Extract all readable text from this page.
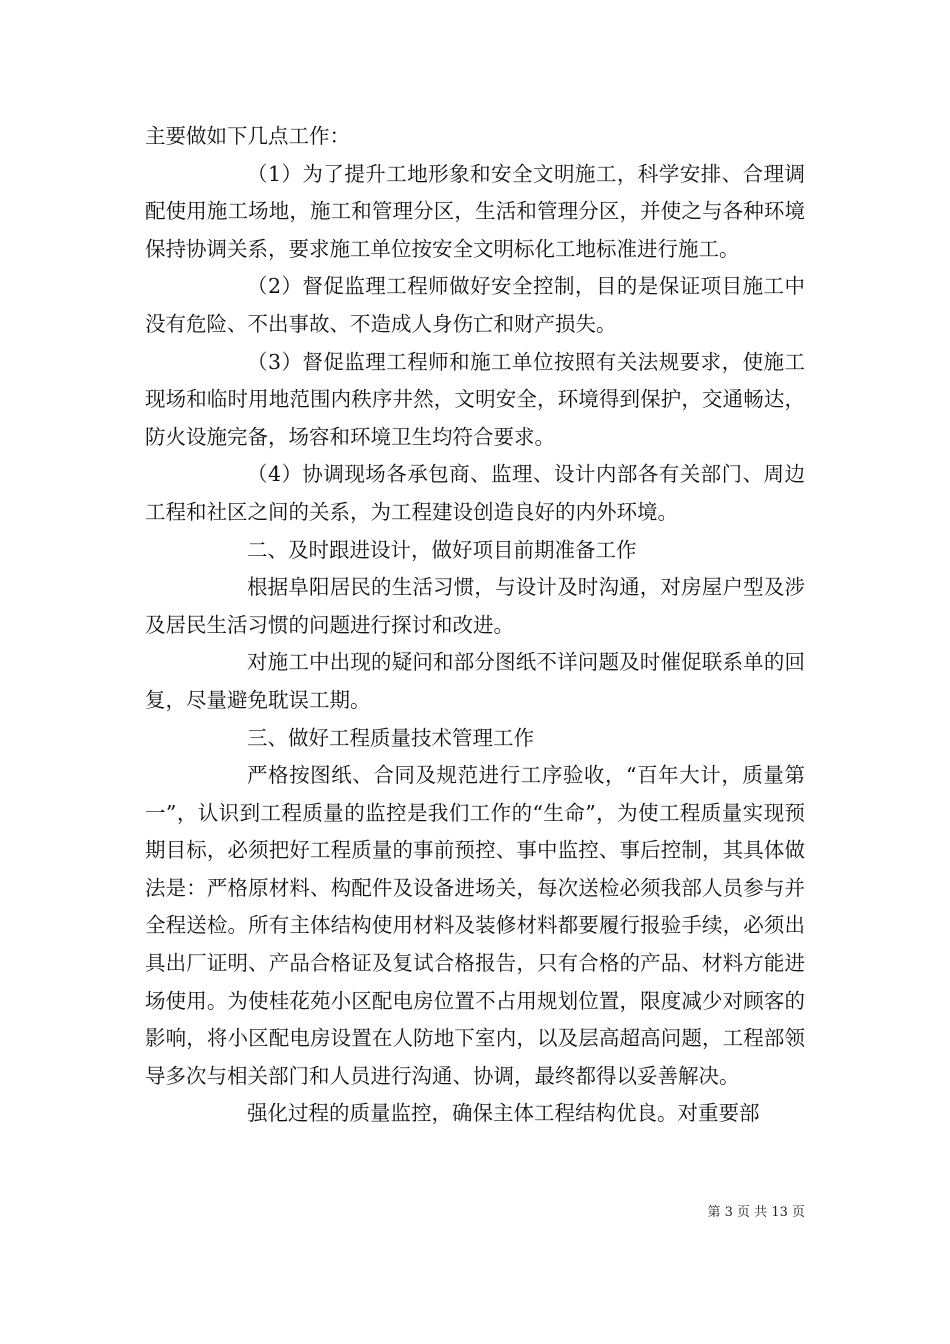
主要做如下几点工作：

（1）为了提升工地形象和安全文明施工，科学安排、合理调配使用施工场地，施工和管理分区，生活和管理分区，并使之与各种环境保持协调关系，要求施工单位按安全文明标化工地标准进行施工。

（2）督促监理工程师做好安全控制，目的是保证项目施工中没有危险、不出事故、不造成人身伤亡和财产损失。

（3）督促监理工程师和施工单位按照有关法规要求，使施工现场和临时用地范围内秩序井然，文明安全，环境得到保护，交通畅达，防火设施完备，场容和环境卫生均符合要求。

（4）协调现场各承包商、监理、设计内部各有关部门、周边工程和社区之间的关系，为工程建设创造良好的内外环境。

二、及时跟进设计，做好项目前期准备工作

根据阜阳居民的生活习惯，与设计及时沟通，对房屋户型及涉及居民生活习惯的问题进行探讨和改进。

对施工中出现的疑问和部分图纸不详问题及时催促联系单的回复，尽量避免耽误工期。

三、做好工程质量技术管理工作

严格按图纸、合同及规范进行工序验收，“百年大计，质量第一”，认识到工程质量的监控是我们工作的“生命”，为使工程质量实现预期目标，必须把好工程质量的事前预控、事中监控、事后控制，其具体做法是：严格原材料、构配件及设备进场关，每次送检必须我部人员参与并全程送检。所有主体结构使用材料及装修材料都要履行报验手续，必须出具出厂证明、产品合格证及复试合格报告，只有合格的产品、材料方能进场使用。为使桂花苑小区配电房位置不占用规划位置，限度减少对顾客的影响，将小区配电房设置在人防地下室内，以及层高超高问题，工程部领导多次与相关部门和人员进行沟通、协调，最终都得以妥善解决。

强化过程的质量监控，确保主体工程结构优良。对重要部

第 3 页 共 13 页
